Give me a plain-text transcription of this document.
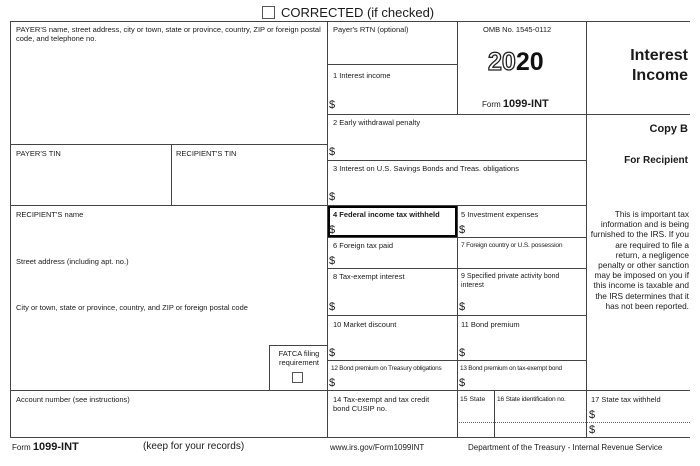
CORRECTED (if checked)
PAYER'S name, street address, city or town, state or province, country, ZIP or foreign postal code, and telephone no.
PAYER'S TIN	RECIPIENT'S TIN
RECIPIENT'S name
Street address (including apt. no.)
City or town, state or province, country, and ZIP or foreign postal code
FATCA filing requirement
Account number (see instructions)
Payer's RTN (optional)
1 Interest income
$
2 Early withdrawal penalty
$
3 Interest on U.S. Savings Bonds and Treas. obligations
$
4 Federal income tax withheld
$
5 Investment expenses
$
6 Foreign tax paid
$
7 Foreign country or U.S. possession
8 Tax-exempt interest
$
9 Specified private activity bond interest
$
10 Market discount
$
11 Bond premium
$
12 Bond premium on Treasury obligations
$
13 Bond premium on tax-exempt bond
$
14 Tax-exempt and tax credit bond CUSIP no.
15 State 16 State identification no.	17 State tax withheld
$
$
OMB No. 1545-0112
2020
Form 1099-INT
Interest
Income
Copy B
For Recipient
This is important tax information and is being furnished to the IRS. If you are required to file a return, a negligence penalty or other sanction may be imposed on you if this income is taxable and the IRS determines that it has not been reported.
Form 1099-INT	(keep for your records)	www.irs.gov/Form1099INT	Department of the Treasury - Internal Revenue Service
